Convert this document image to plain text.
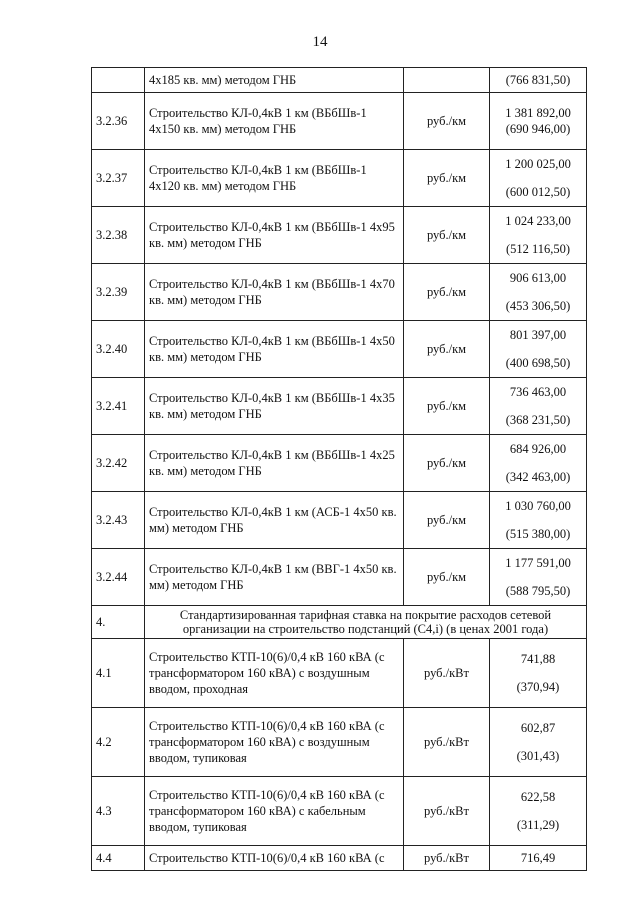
14
	4x185 кв. мм) методом ГНБ		(766 831,50)
3.2.36	Строительство КЛ-0,4кВ 1 км (ВБбШв-1 4x150 кв. мм) методом ГНБ	руб./км	1 381 892,00
(690 946,00)

3.2.37	Строительство КЛ-0,4кВ 1 км (ВБбШв-1 4x120 кв. мм) методом ГНБ	руб./км	1 200 025,00
(600 012,50)

3.2.38	Строительство КЛ-0,4кВ 1 км (ВБбШв-1 4x95 кв. мм) методом ГНБ	руб./км	1 024 233,00
(512 116,50)

3.2.39	Строительство КЛ-0,4кВ 1 км (ВБбШв-1 4x70 кв. мм) методом ГНБ	руб./км	906 613,00
(453 306,50)

3.2.40	Строительство КЛ-0,4кВ 1 км (ВБбШв-1 4x50 кв. мм) методом ГНБ	руб./км	801 397,00
(400 698,50)

3.2.41	Строительство КЛ-0,4кВ 1 км (ВБбШв-1 4x35 кв. мм) методом ГНБ	руб./км	736 463,00
(368 231,50)

3.2.42	Строительство КЛ-0,4кВ 1 км (ВБбШв-1 4x25 кв. мм) методом ГНБ	руб./км	684 926,00
(342 463,00)

3.2.43	Строительство КЛ-0,4кВ 1 км (АСБ-1 4x50 кв. мм) методом ГНБ	руб./км	1 030 760,00
(515 380,00)

3.2.44	Строительство КЛ-0,4кВ 1 км (ВВГ-1 4x50 кв. мм) методом ГНБ	руб./км	1 177 591,00
(588 795,50)

4.	Стандартизированная тарифная ставка на покрытие расходов сетевой организации на строительство подстанций (С4,i) (в ценах 2001 года)		
4.1	Строительство КТП-10(6)/0,4 кВ 160 кВА (с трансформатором 160 кВА) с воздушным вводом, проходная	руб./кВт	741,88
(370,94)

4.2	Строительство КТП-10(6)/0,4 кВ 160 кВА (с трансформатором 160 кВА) с воздушным вводом, тупиковая	руб./кВт	602,87
(301,43)

4.3	Строительство КТП-10(6)/0,4 кВ 160 кВА (с трансформатором 160 кВА) с кабельным вводом, тупиковая	руб./кВт	622,58
(311,29)

4.4	Строительство КТП-10(6)/0,4 кВ 160 кВА (с	руб./кВт	716,49
